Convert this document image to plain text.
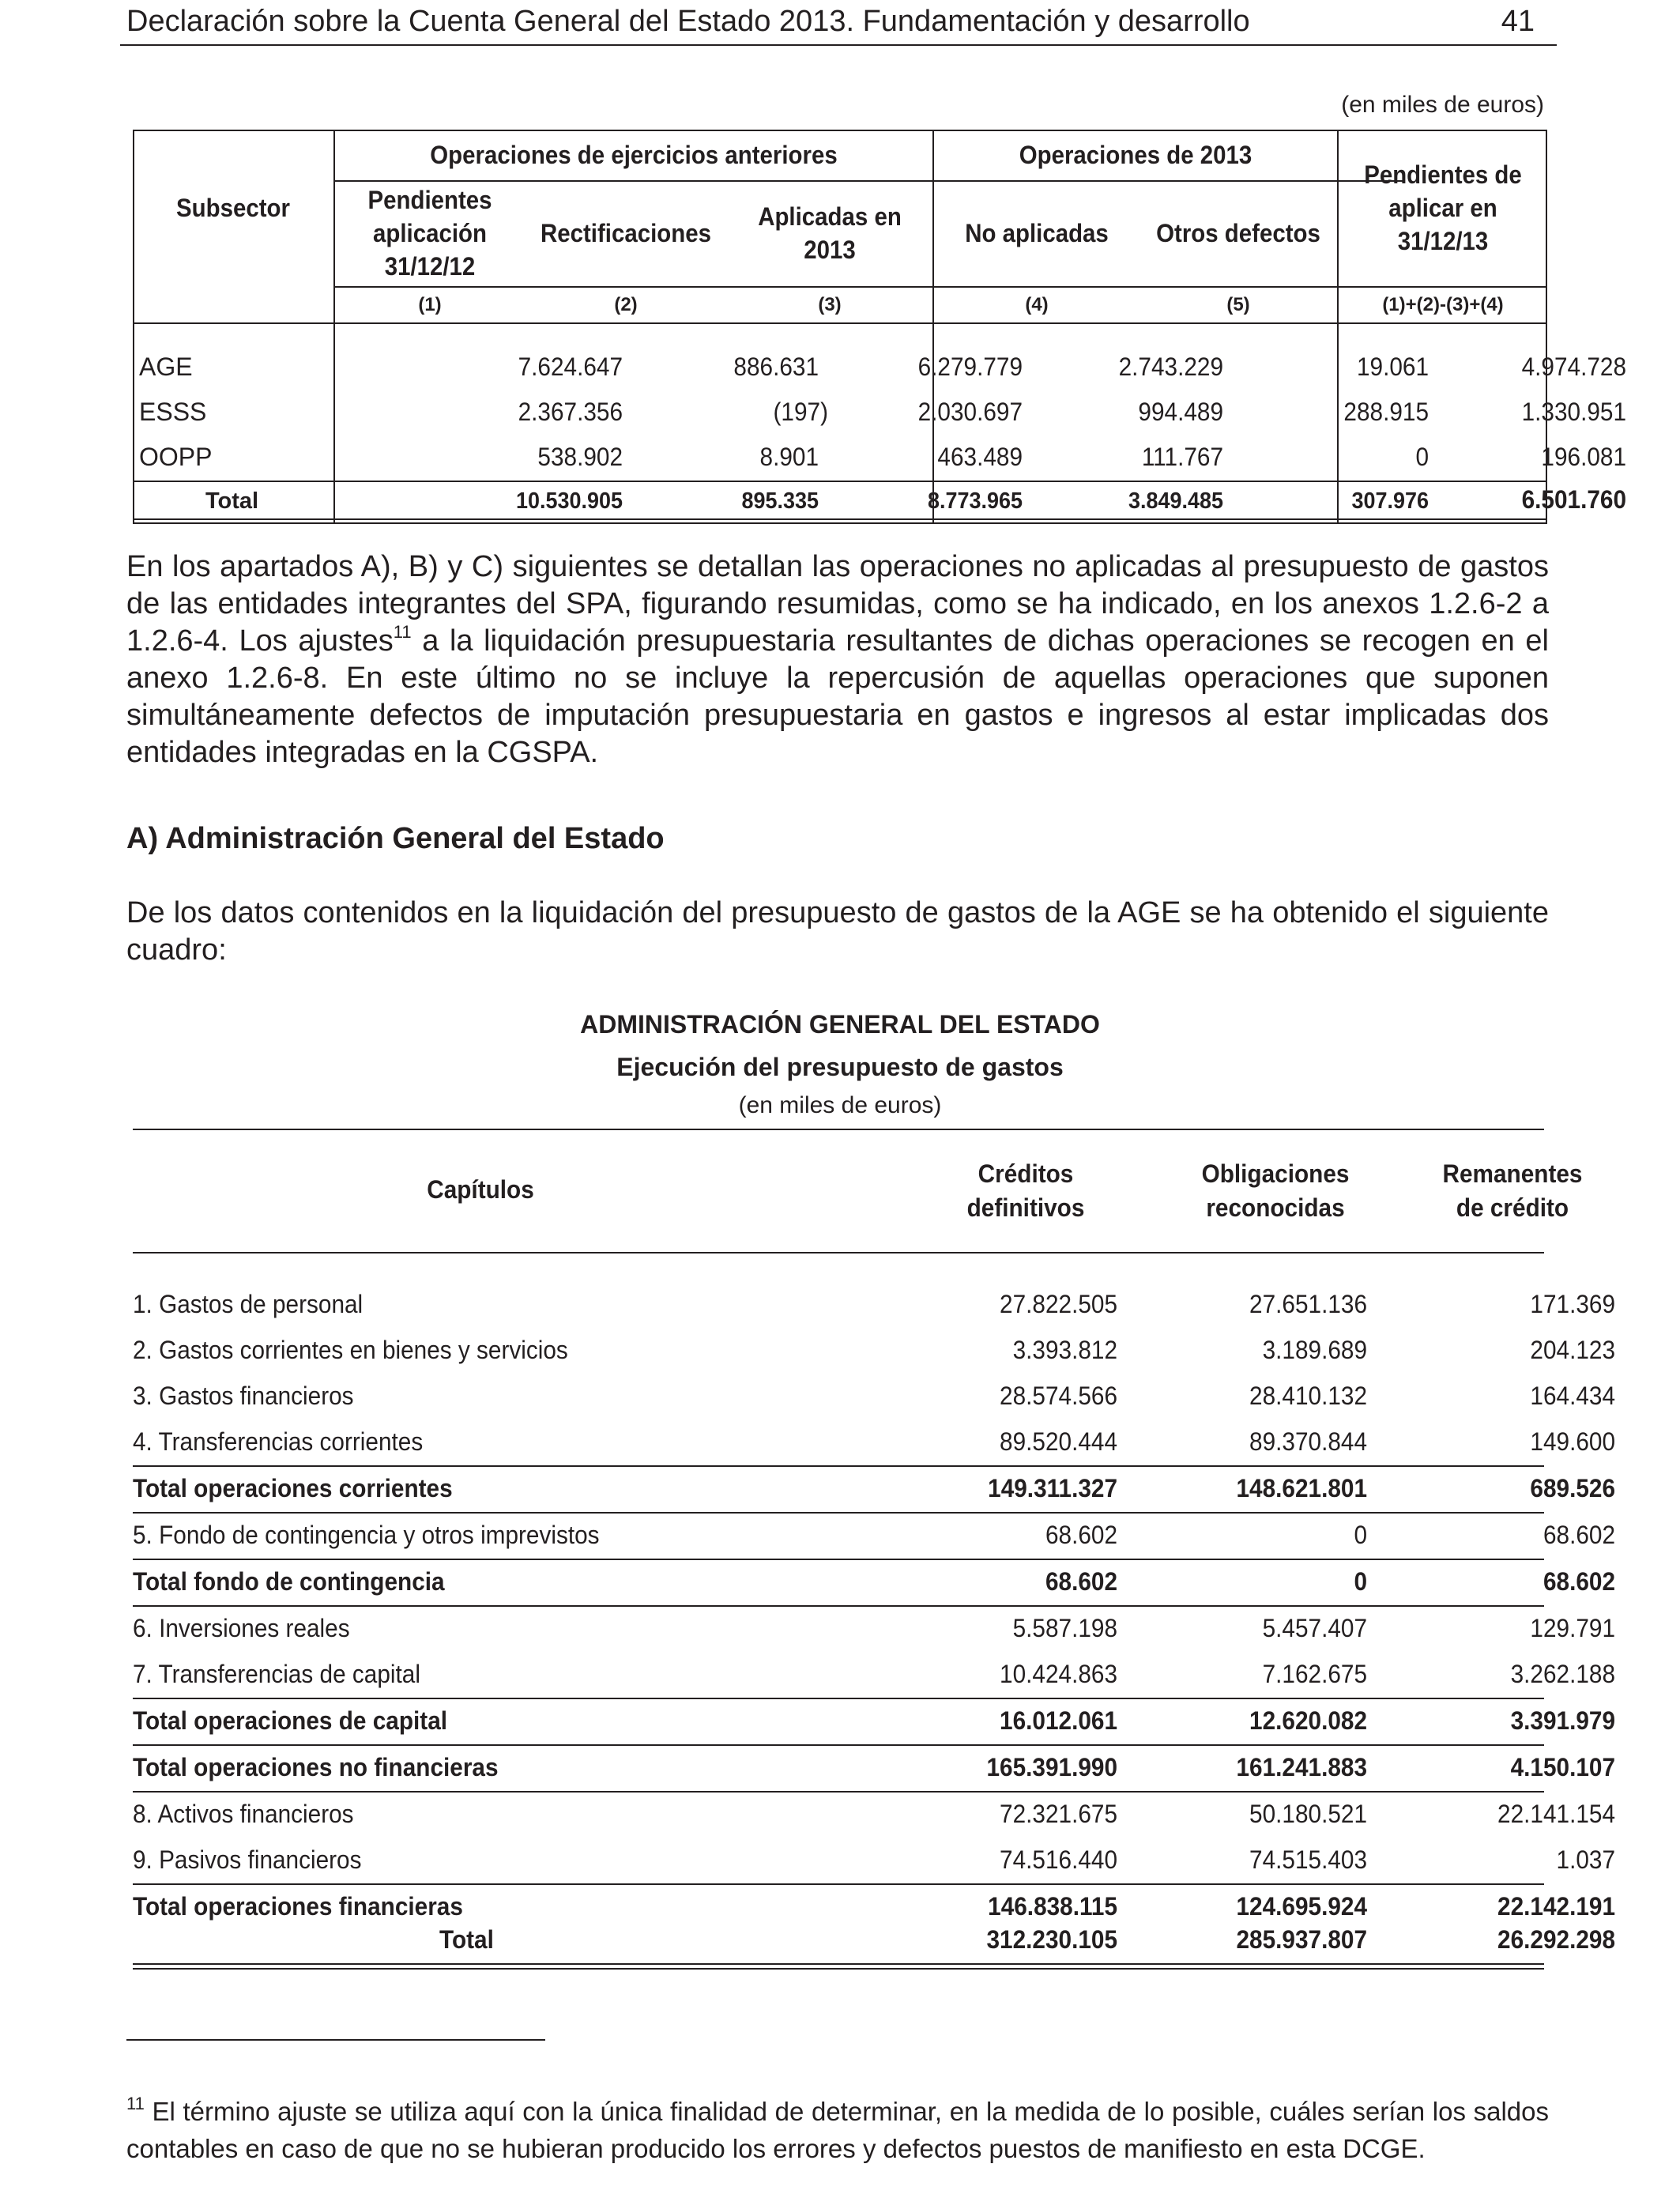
Declaración sobre la Cuenta General del Estado 2013. Fundamentación y desarrollo	41
(en miles de euros)
Subsector
Operaciones de ejercicios anteriores	Operaciones de 2013
Pendientes
aplicación
31/12/12
Rectificaciones
Aplicadas en
2013
No aplicadas	Otros defectos
Pendientes de
aplicar en
31/12/13
(1)	(2)	(3)	(4)	(5)	(1)+(2)-(3)+(4)
AGE	7.624.647	886.631	6.279.779	2.743.229	19.061	4.974.728
ESSS	2.367.356	(197)	2.030.697	994.489	288.915	1.330.951
OOPP	538.902	8.901	463.489	111.767	0	196.081
Total	10.530.905	895.335	8.773.965	3.849.485	307.976	6.501.760

En los apartados A), B) y C) siguientes se detallan las operaciones no aplicadas al presupuesto de gastos de las entidades integrantes del SPA, figurando resumidas, como se ha indicado, en los anexos 1.2.6-2 a 1.2.6-4. Los ajustes$^{11}$ a la liquidación presupuestaria resultantes de dichas operaciones se recogen en el anexo 1.2.6-8. En este último no se incluye la repercusión de aquellas operaciones que suponen simultáneamente defectos de imputación presupuestaria en gastos e ingresos al estar implicadas dos entidades integradas en la CGSPA.

A) Administración General del Estado

De los datos contenidos en la liquidación del presupuesto de gastos de la AGE se ha obtenido el siguiente cuadro:

ADMINISTRACIÓN GENERAL DEL ESTADO
Ejecución del presupuesto de gastos
(en miles de euros)
Capítulos
Créditos
definitivos
Obligaciones
reconocidas
Remanentes
de crédito
1. Gastos de personal	27.822.505	27.651.136	171.369
2. Gastos corrientes en bienes y servicios	3.393.812	3.189.689	204.123
3. Gastos financieros	28.574.566	28.410.132	164.434
4. Transferencias corrientes	89.520.444	89.370.844	149.600
Total operaciones corrientes	149.311.327	148.621.801	689.526
5. Fondo de contingencia y otros imprevistos	68.602	0	68.602
Total fondo de contingencia	68.602	0	68.602
6. Inversiones reales	5.587.198	5.457.407	129.791
7. Transferencias de capital	10.424.863	7.162.675	3.262.188
Total operaciones de capital	16.012.061	12.620.082	3.391.979
Total operaciones no financieras	165.391.990	161.241.883	4.150.107
8. Activos financieros	72.321.675	50.180.521	22.141.154
9. Pasivos financieros	74.516.440	74.515.403	1.037
Total operaciones financieras	146.838.115	124.695.924	22.142.191
Total	312.230.105	285.937.807	26.292.298

$^{11}$ El término ajuste se utiliza aquí con la única finalidad de determinar, en la medida de lo posible, cuáles serían los saldos contables en caso de que no se hubieran producido los errores y defectos puestos de manifiesto en esta DCGE.
